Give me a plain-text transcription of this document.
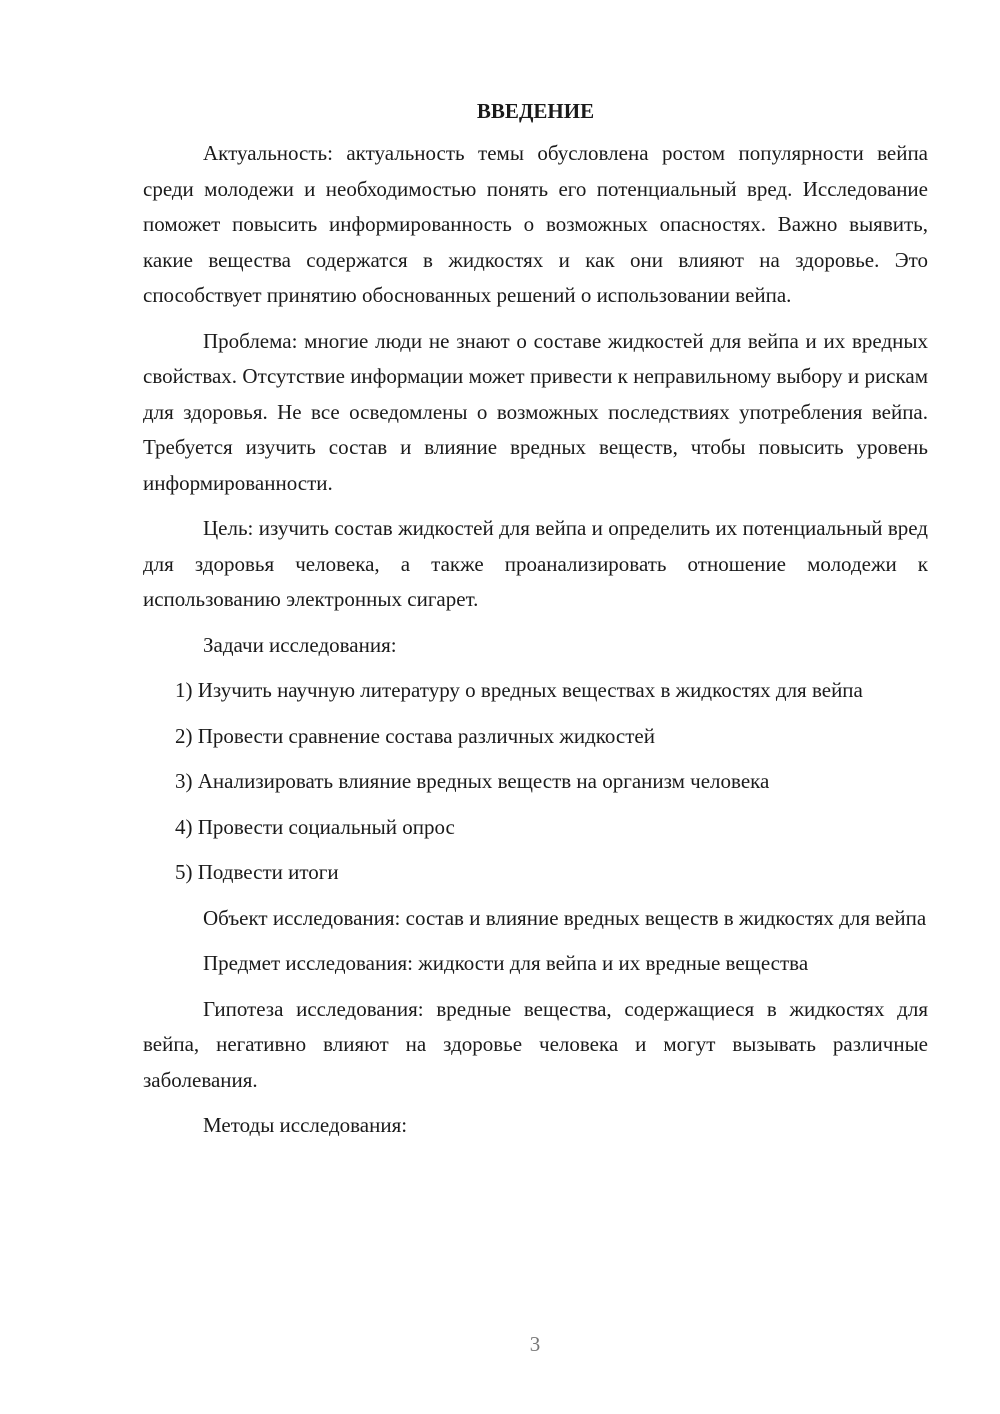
ВВЕДЕНИЕ

Актуальность: актуальность темы обусловлена ростом популярности вейпа среди молодежи и необходимостью понять его потенциальный вред. Исследование поможет повысить информированность о возможных опасностях. Важно выявить, какие вещества содержатся в жидкостях и как они влияют на здоровье. Это способствует принятию обоснованных решений о использовании вейпа.

Проблема: многие люди не знают о составе жидкостей для вейпа и их вредных свойствах. Отсутствие информации может привести к неправильному выбору и рискам для здоровья. Не все осведомлены о возможных последствиях употребления вейпа. Требуется изучить состав и влияние вредных веществ, чтобы повысить уровень информированности.

Цель: изучить состав жидкостей для вейпа и определить их потенциальный вред для здоровья человека, а также проанализировать отношение молодежи к использованию электронных сигарет.

Задачи исследования:

1) Изучить научную литературу о вредных веществах в жидкостях для вейпа

2) Провести сравнение состава различных жидкостей

3) Анализировать влияние вредных веществ на организм человека

4) Провести социальный опрос

5) Подвести итоги

Объект исследования: состав и влияние вредных веществ в жидкостях для вейпа

Предмет исследования: жидкости для вейпа и их вредные вещества

Гипотеза исследования: вредные вещества, содержащиеся в жидкостях для вейпа, негативно влияют на здоровье человека и могут вызывать различные заболевания.

Методы исследования:

3
